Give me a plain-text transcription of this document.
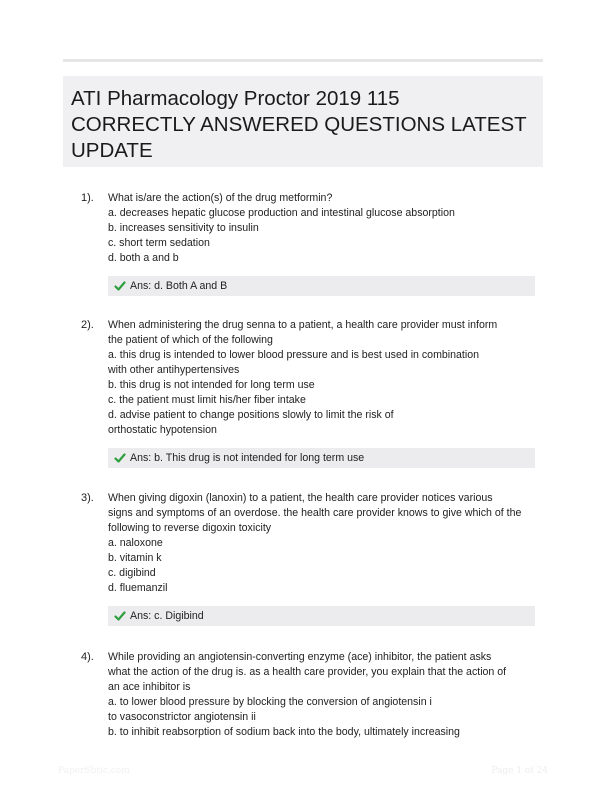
ATI Pharmacology Proctor 2019 115
CORRECTLY ANSWERED QUESTIONS LATEST
UPDATE
1). What is/are the action(s) of the drug metformin?
a. decreases hepatic glucose production and intestinal glucose absorption
b. increases sensitivity to insulin
c. short term sedation
d. both a and b
Ans: d. Both A and B
2). When administering the drug senna to a patient, a health care provider must inform
the patient of which of the following
a. this drug is intended to lower blood pressure and is best used in combination
with other antihypertensives
b. this drug is not intended for long term use
c. the patient must limit his/her fiber intake
d. advise patient to change positions slowly to limit the risk of
orthostatic hypotension
Ans: b. This drug is not intended for long term use
3). When giving digoxin (lanoxin) to a patient, the health care provider notices various
signs and symptoms of an overdose. the health care provider knows to give which of the
following to reverse digoxin toxicity
a. naloxone
b. vitamin k
c. digibind
d. fluemanzil
Ans: c. Digibind
4). While providing an angiotensin-converting enzyme (ace) inhibitor, the patient asks
what the action of the drug is. as a health care provider, you explain that the action of
an ace inhibitor is
a. to lower blood pressure by blocking the conversion of angiotensin i
to vasoconstrictor angiotensin ii
b. to inhibit reabsorption of sodium back into the body, ultimately increasing
PaperSbtic.com	Page 1 of 24
